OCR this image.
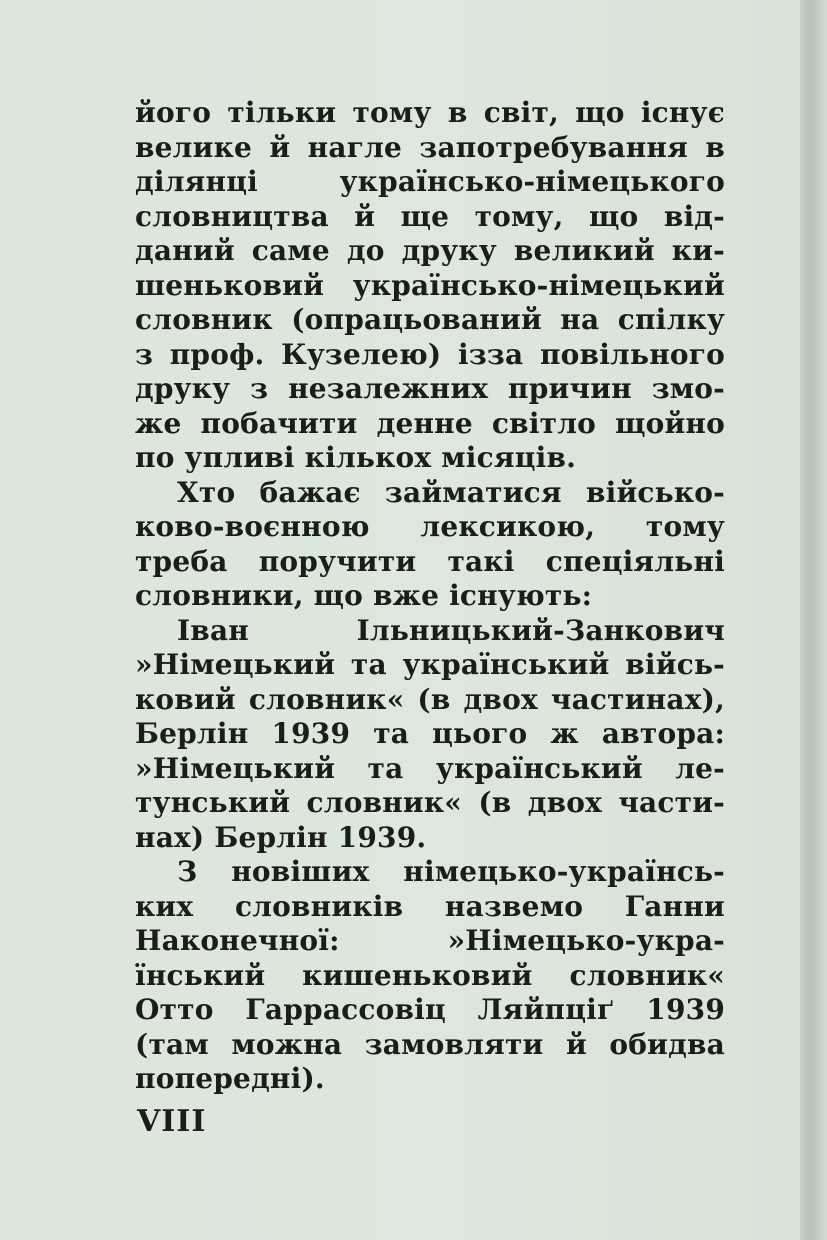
його тільки тому в світ, що існує
велике й нагле запотребування в
ділянці українсько-німецького
словництва й ще тому, що від-
даний саме до друку великий ки-
шеньковий українсько-німецький
словник (опрацьований на спілку
з проф. Кузелею) ізза повільного
друку з незалежних причин змо-
же побачити денне світло щойно
по упливі кількох місяців.
Хто бажає займатися військо-
ково-воєнною лексикою, тому
треба поручити такі спеціяльні
словники, що вже існують:
Іван Ільницький-Занкович
»Німецький та український війсь-
ковий словник« (в двох частинах),
Берлін 1939 та цього ж автора:
»Німецький та український ле-
тунський словник« (в двох части-
нах) Берлін 1939.
З новіших німецько-українсь-
ких словників назвемо Ганни
Наконечної: »Німецько-укра-
їнський кишеньковий словник«
Отто Гаррассовіц Ляйпціґ 1939
(там можна замовляти й обидва
попередні).
VIII
